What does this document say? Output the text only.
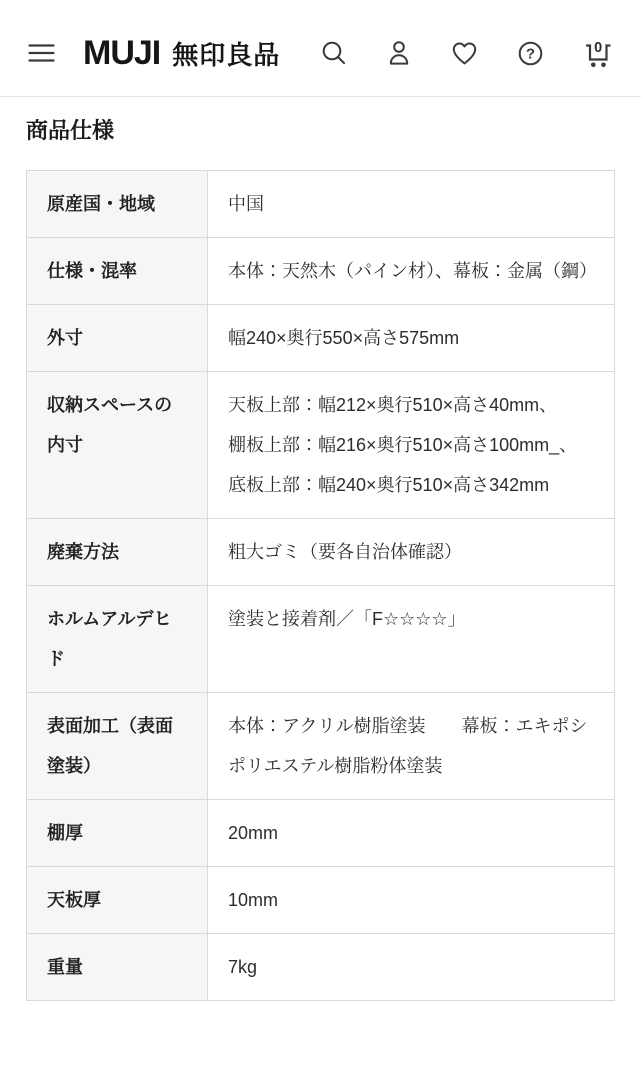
MUJI 無印良品	?	0
商品仕様
原産国・地域	中国
仕様・混率	本体：天然木（パイン材）、幕板：金属（鋼）
外寸	幅240×奥行550×高さ575mm
収納スペースの内寸	天板上部：幅212×奥行510×高さ40mm、　　棚板上部：幅216×奥行510×高さ100mm_、底板上部：幅240×奥行510×高さ342mm
廃棄方法	粗大ゴミ（要各自治体確認）
ホルムアルデヒド	塗装と接着剤／「F☆☆☆☆」
表面加工（表面塗装）	本体：アクリル樹脂塗装　　幕板：エキポシポリエステル樹脂粉体塗装
棚厚	20mm
天板厚	10mm
重量	7kg
